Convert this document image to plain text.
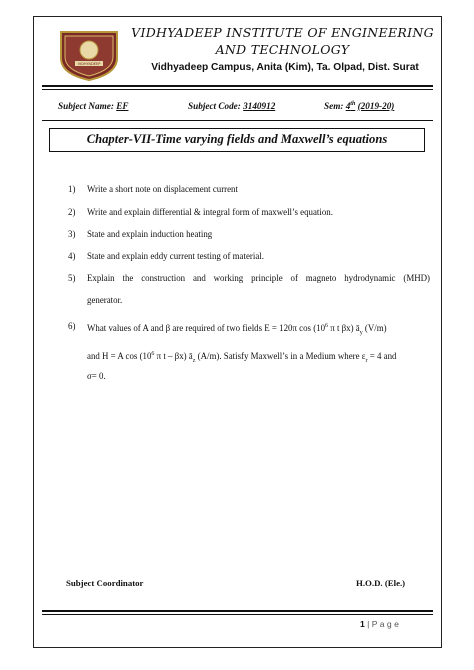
VIDHYADEEP
VIDHYADEEP INSTITUTE OF ENGINEERING
AND TECHNOLOGY
Vidhyadeep Campus, Anita (Kim), Ta. Olpad, Dist. Surat
Subject Name: EF	Subject Code: 3140912	Sem: 4th (2019-20)
Chapter-VII-Time varying fields and Maxwell’s equations
1)	Write a short note on displacement current
2)	Write and explain differential & integral form of maxwell’s equation.
3)	State and explain induction heating
4)	State and explain eddy current testing of material.
5)	Explain the construction and working principle of magneto hydrodynamic (MHD)
generator.
6)	What values of A and β are required of two fields E = 120π $\cos (10^6$ π t βx) $ā_y$ (V/m)
and H = A $\cos (10^6$ π t – βx) $ā_z$ (A/m). Satisfy Maxwell’s in a Medium where $\varepsilon_r = 4$ and
σ= 0.
Subject Coordinator	H.O.D. (Ele.)
1 | P a g e
